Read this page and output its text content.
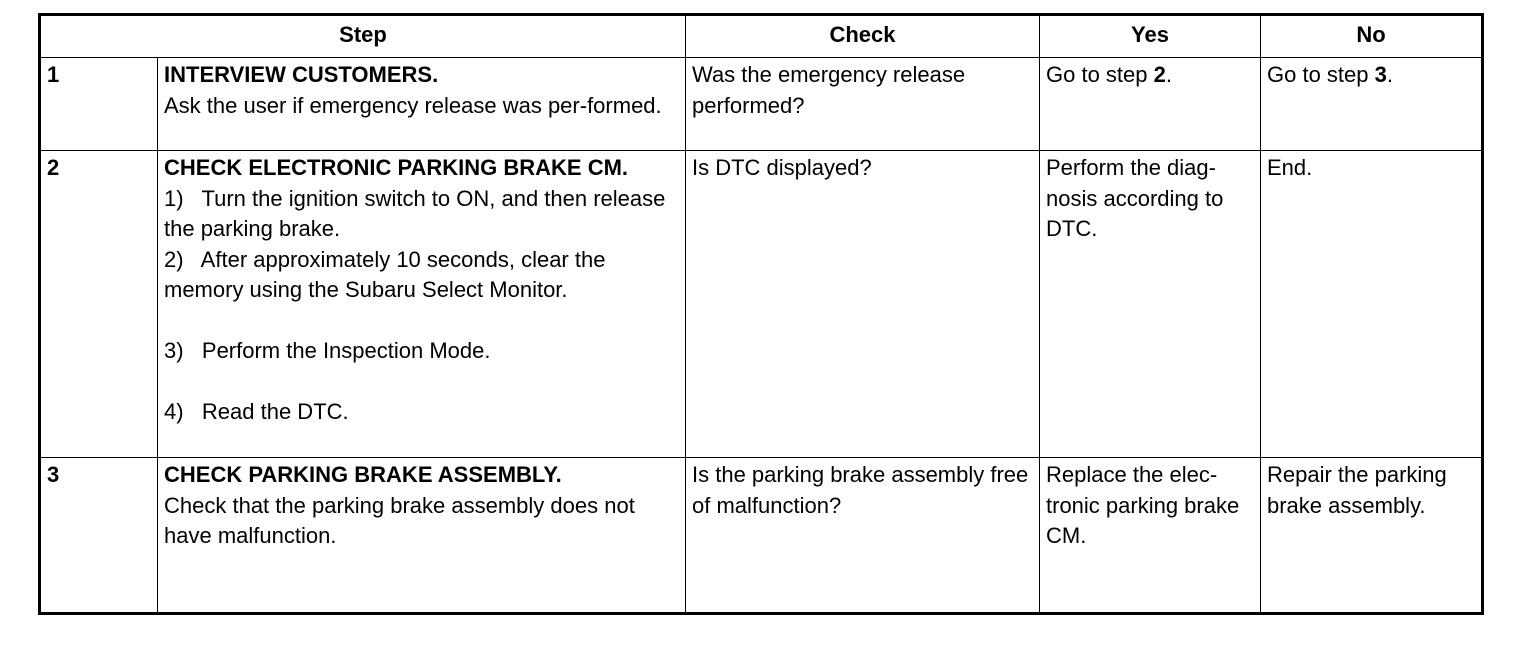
Step		Check	Yes	No
1	INTERVIEW CUSTOMERS.
Ask the user if emergency release was per-formed.	Was the emergency release performed?	Go to step 2.	Go to step 3.
2	CHECK ELECTRONIC PARKING BRAKE CM.
1)   Turn the ignition switch to ON, and then release the parking brake.
2)   After approximately 10 seconds, clear the memory using the Subaru Select Monitor.
3)   Perform the Inspection Mode.
4)   Read the DTC.	Is DTC displayed?	Perform the diag-nosis according to DTC.	End.
3	CHECK PARKING BRAKE ASSEMBLY.
Check that the parking brake assembly does not have malfunction.	Is the parking brake assembly free of malfunction?	Replace the elec-tronic parking brake CM.	Repair the parking brake assembly.
